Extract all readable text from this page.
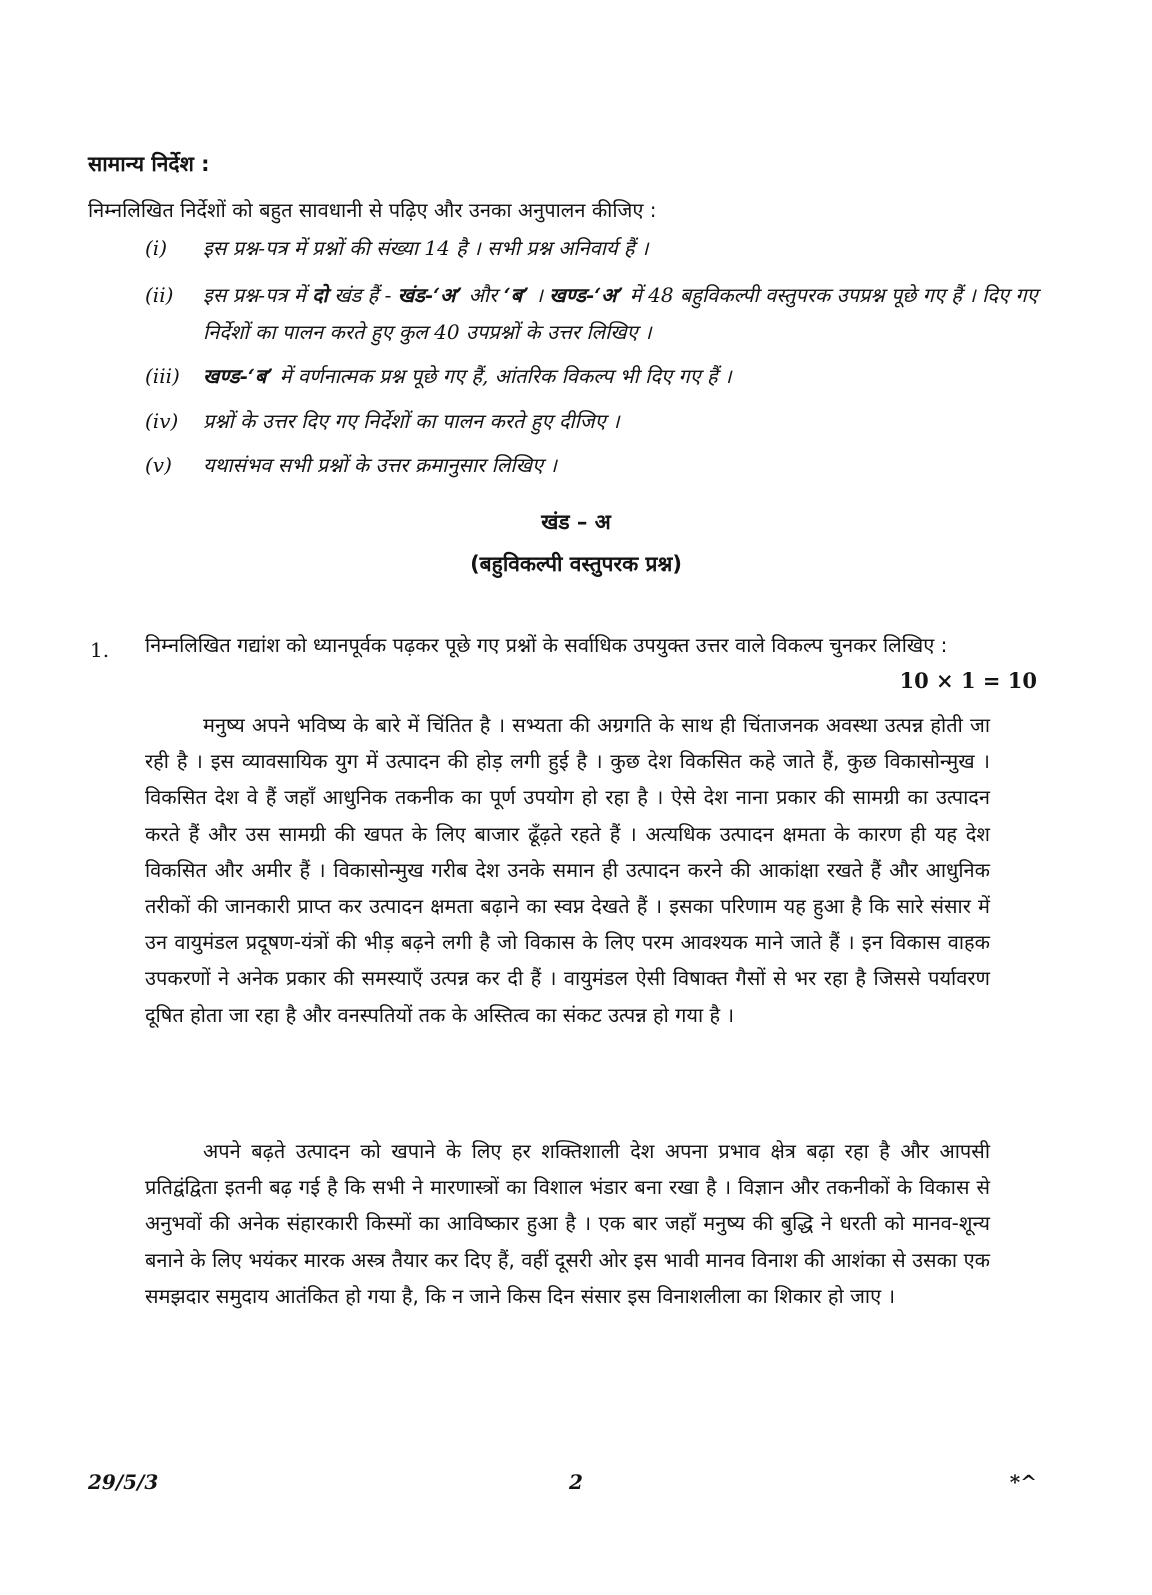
सामान्य निर्देश :
निम्नलिखित निर्देशों को बहुत सावधानी से पढ़िए और उनका अनुपालन कीजिए :
(i)	इस प्रश्न-पत्र में प्रश्नों की संख्या 14 है । सभी प्रश्न अनिवार्य हैं ।
(ii)	इस प्रश्न-पत्र में दो खंड हैं - खंड-‘अ’ और ‘ब’ । खण्ड-‘अ’ में 48 बहुविकल्पी वस्तुपरक उपप्रश्न पूछे गए हैं । दिए गए निर्देशों का पालन करते हुए कुल 40 उपप्रश्नों के उत्तर लिखिए ।
(iii)	खण्ड-‘ब’ में वर्णनात्मक प्रश्न पूछे गए हैं, आंतरिक विकल्प भी दिए गए हैं ।
(iv)	प्रश्नों के उत्तर दिए गए निर्देशों का पालन करते हुए दीजिए ।
(v)	यथासंभव सभी प्रश्नों के उत्तर क्रमानुसार लिखिए ।
खंड – अ
(बहुविकल्पी वस्तुपरक प्रश्न)
1. निम्नलिखित गद्यांश को ध्यानपूर्वक पढ़कर पूछे गए प्रश्नों के सर्वाधिक उपयुक्त उत्तर वाले विकल्प चुनकर लिखिए :
10 × 1 = 10

मनुष्य अपने भविष्य के बारे में चिंतित है । सभ्यता की अग्रगति के साथ ही चिंताजनक अवस्था उत्पन्न होती जा रही है । इस व्यावसायिक युग में उत्पादन की होड़ लगी हुई है । कुछ देश विकसित कहे जाते हैं, कुछ विकासोन्मुख । विकसित देश वे हैं जहाँ आधुनिक तकनीक का पूर्ण उपयोग हो रहा है । ऐसे देश नाना प्रकार की सामग्री का उत्पादन करते हैं और उस सामग्री की खपत के लिए बाजार ढूँढ़ते रहते हैं । अत्यधिक उत्पादन क्षमता के कारण ही यह देश विकसित और अमीर हैं । विकासोन्मुख गरीब देश उनके समान ही उत्पादन करने की आकांक्षा रखते हैं और आधुनिक तरीकों की जानकारी प्राप्त कर उत्पादन क्षमता बढ़ाने का स्वप्न देखते हैं । इसका परिणाम यह हुआ है कि सारे संसार में उन वायुमंडल प्रदूषण-यंत्रों की भीड़ बढ़ने लगी है जो विकास के लिए परम आवश्यक माने जाते हैं । इन विकास वाहक उपकरणों ने अनेक प्रकार की समस्याएँ उत्पन्न कर दी हैं । वायुमंडल ऐसी विषाक्त गैसों से भर रहा है जिससे पर्यावरण दूषित होता जा रहा है और वनस्पतियों तक के अस्तित्व का संकट उत्पन्न हो गया है ।

अपने बढ़ते उत्पादन को खपाने के लिए हर शक्तिशाली देश अपना प्रभाव क्षेत्र बढ़ा रहा है और आपसी प्रतिद्वंद्विता इतनी बढ़ गई है कि सभी ने मारणास्त्रों का विशाल भंडार बना रखा है । विज्ञान और तकनीकों के विकास से अनुभवों की अनेक संहारकारी किस्मों का आविष्कार हुआ है । एक बार जहाँ मनुष्य की बुद्धि ने धरती को मानव-शून्य बनाने के लिए भयंकर मारक अस्त्र तैयार कर दिए हैं, वहीं दूसरी ओर इस भावी मानव विनाश की आशंका से उसका एक समझदार समुदाय आतंकित हो गया है, कि न जाने किस दिन संसार इस विनाशलीला का शिकार हो जाए ।

29/5/3	2	*^
